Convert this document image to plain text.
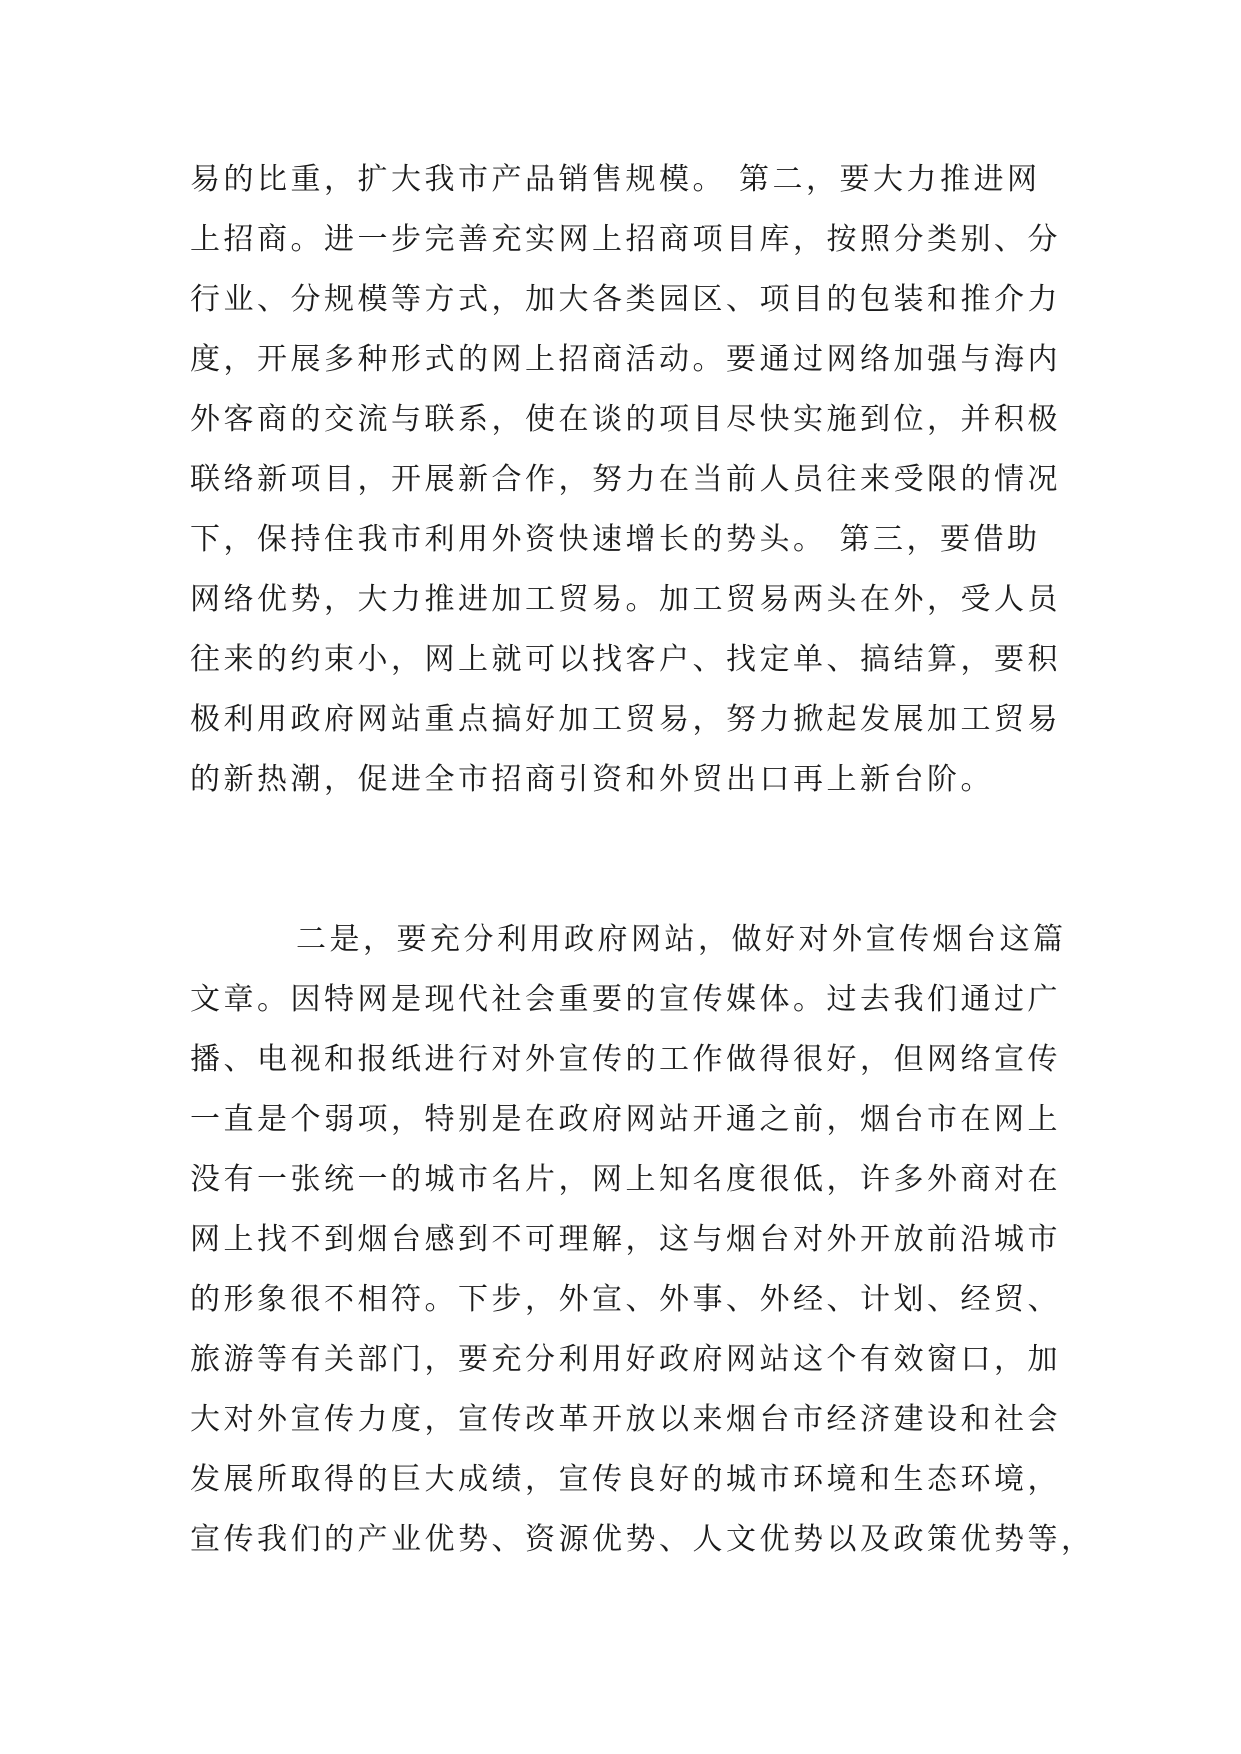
易的比重，扩大我市产品销售规模。 第二，要大力推进网
上招商。进一步完善充实网上招商项目库，按照分类别、分
行业、分规模等方式，加大各类园区、项目的包装和推介力
度，开展多种形式的网上招商活动。要通过网络加强与海内
外客商的交流与联系，使在谈的项目尽快实施到位，并积极
联络新项目，开展新合作，努力在当前人员往来受限的情况
下，保持住我市利用外资快速增长的势头。 第三，要借助
网络优势，大力推进加工贸易。加工贸易两头在外，受人员
往来的约束小，网上就可以找客户、找定单、搞结算，要积
极利用政府网站重点搞好加工贸易，努力掀起发展加工贸易
的新热潮，促进全市招商引资和外贸出口再上新台阶。
二是，要充分利用政府网站，做好对外宣传烟台这篇
文章。因特网是现代社会重要的宣传媒体。过去我们通过广
播、电视和报纸进行对外宣传的工作做得很好，但网络宣传
一直是个弱项，特别是在政府网站开通之前，烟台市在网上
没有一张统一的城市名片，网上知名度很低，许多外商对在
网上找不到烟台感到不可理解，这与烟台对外开放前沿城市
的形象很不相符。下步，外宣、外事、外经、计划、经贸、
旅游等有关部门，要充分利用好政府网站这个有效窗口，加
大对外宣传力度，宣传改革开放以来烟台市经济建设和社会
发展所取得的巨大成绩，宣传良好的城市环境和生态环境，
宣传我们的产业优势、资源优势、人文优势以及政策优势等，
